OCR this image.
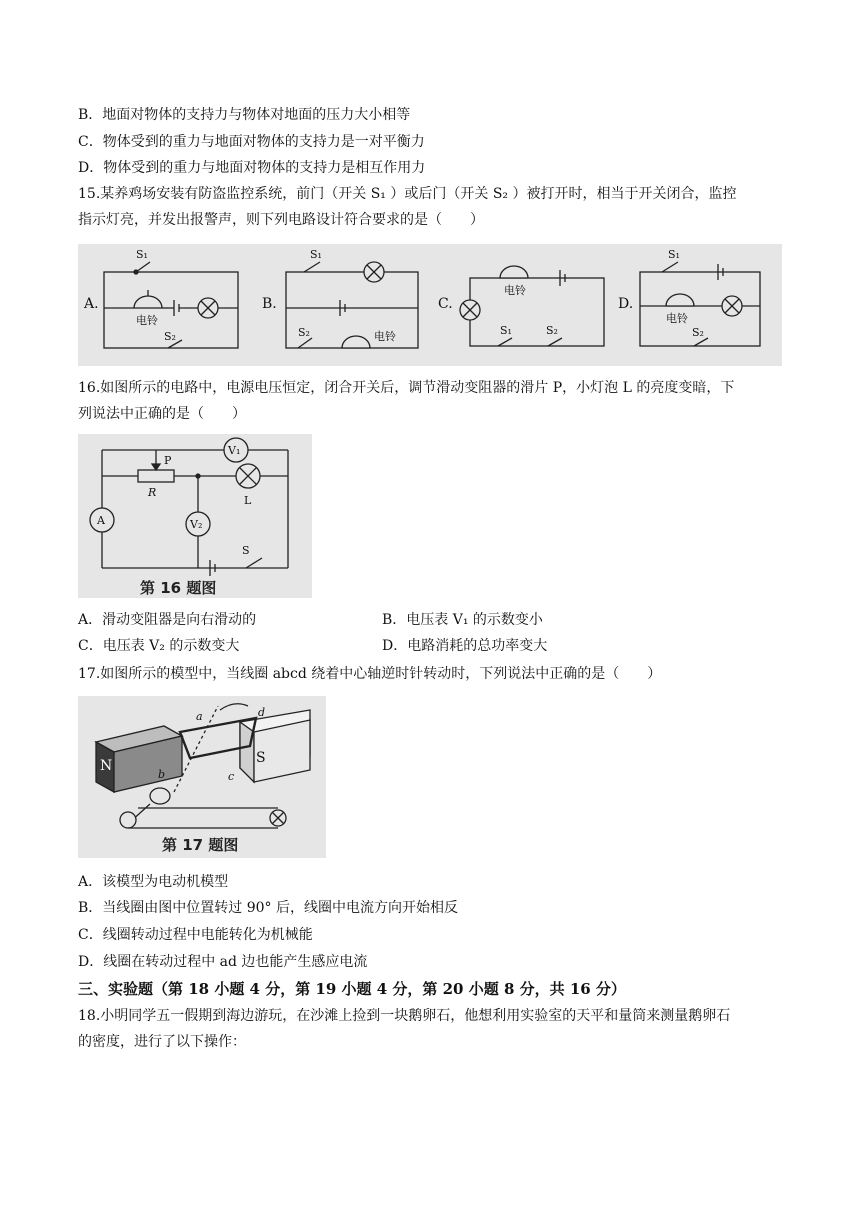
B．地面对物体的支持力与物体对地面的压力大小相等
C．物体受到的重力与地面对物体的支持力是一对平衡力
D．物体受到的重力与地面对物体的支持力是相互作用力
15.某养鸡场安装有防盗监控系统，前门（开关 S₁ ）或后门（开关 S₂ ）被打开时，相当于开关闭合，监控
指示灯亮，并发出报警声，则下列电路设计符合要求的是（　　）
A.
S₁
电铃
S₂
B.
S₁
S₂	电铃
C.
电铃
S₁	S₂
D.
S₁
电铃
S₂
16.如图所示的电路中，电源电压恒定，闭合开关后，调节滑动变阻器的滑片 P，小灯泡 L 的亮度变暗，下
列说法中正确的是（　　）
A
V₁
P
R
L
V₂
S
第 16 题图
A．滑动变阻器是向右滑动的	B．电压表 V₁ 的示数变小
C．电压表 V₂ 的示数变大	D．电路消耗的总功率变大
17.如图所示的模型中，当线圈 abcd 绕着中心轴逆时针转动时，下列说法中正确的是（　　）
N	S
a	d
b	c
第 17 题图
A．该模型为电动机模型
B．当线圈由图中位置转过 90° 后，线圈中电流方向开始相反
C．线圈转动过程中电能转化为机械能
D．线圈在转动过程中 ad 边也能产生感应电流
三、实验题（第 18 小题 4 分，第 19 小题 4 分，第 20 小题 8 分，共 16 分）
18.小明同学五一假期到海边游玩，在沙滩上捡到一块鹅卵石，他想利用实验室的天平和量筒来测量鹅卵石
的密度，进行了以下操作：
